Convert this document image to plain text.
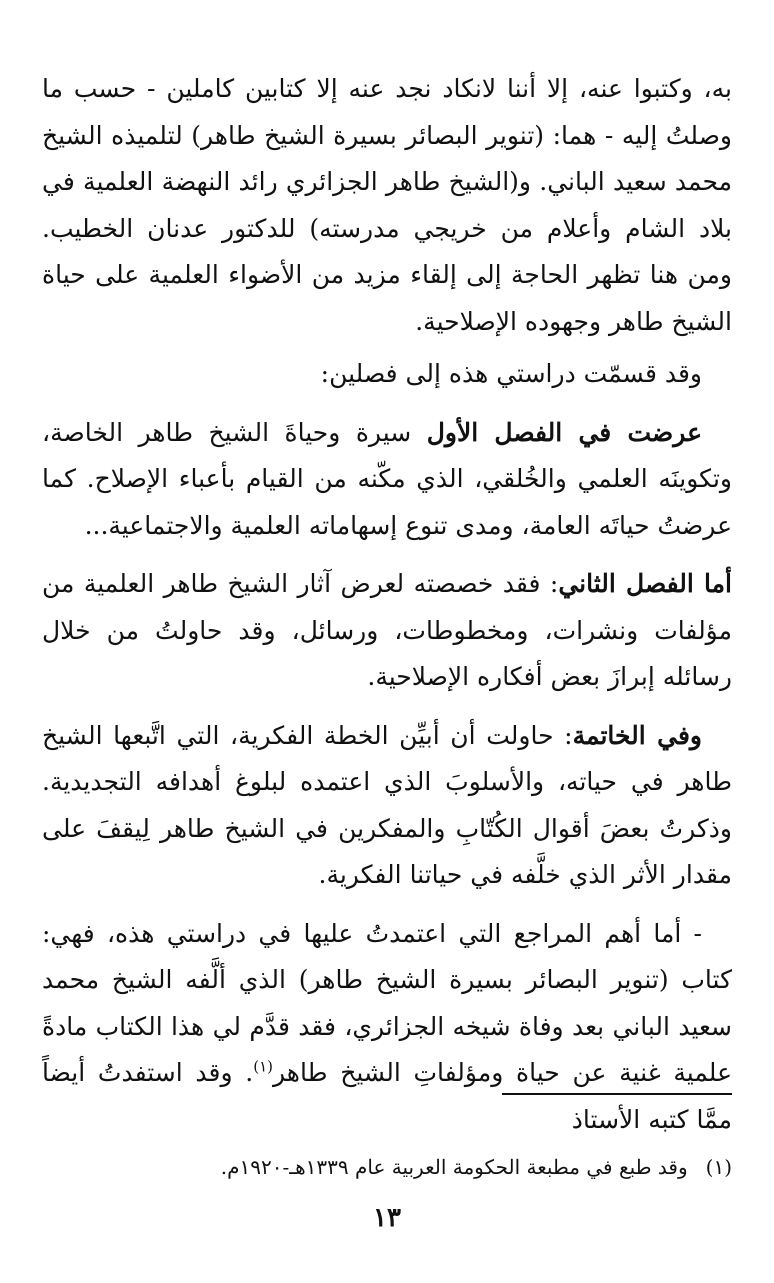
به، وكتبوا عنه، إلا أننا لانكاد نجد عنه إلا كتابين كاملين - حسب ما وصلتُ إليه - هما: (تنوير البصائر بسيرة الشيخ طاهر) لتلميذه الشيخ محمد سعيد الباني. و(الشيخ طاهر الجزائري رائد النهضة العلمية في بلاد الشام وأعلام من خريجي مدرسته) للدكتور عدنان الخطيب. ومن هنا تظهر الحاجة إلى إلقاء مزيد من الأضواء العلمية على حياة الشيخ طاهر وجهوده الإصلاحية.

وقد قسمّت دراستي هذه إلى فصلين:

عرضت في الفصل الأول سيرة وحياةَ الشيخ طاهر الخاصة، وتكوينَه العلمي والخُلقي، الذي مكّنه من القيام بأعباء الإصلاح. كما عرضتُ حياتَه العامة، ومدى تنوع إسهاماته العلمية والاجتماعية...

أما الفصل الثاني: فقد خصصته لعرض آثار الشيخ طاهر العلمية من مؤلفات ونشرات، ومخطوطات، ورسائل، وقد حاولتُ من خلال رسائله إبرازَ بعض أفكاره الإصلاحية.

وفي الخاتمة: حاولت أن أبيِّن الخطة الفكرية، التي اتَّبعها الشيخ طاهر في حياته، والأسلوبَ الذي اعتمده لبلوغ أهدافه التجديدية. وذكرتُ بعضَ أقوال الكُتّابِ والمفكرين في الشيخ طاهر لِيقفَ على مقدار الأثر الذي خلَّفه في حياتنا الفكرية.

- أما أهم المراجع التي اعتمدتُ عليها في دراستي هذه، فهي: كتاب (تنوير البصائر بسيرة الشيخ طاهر) الذي ألَّفه الشيخ محمد سعيد الباني بعد وفاة شيخه الجزائري، فقد قدَّم لي هذا الكتاب مادةً علمية غنية عن حياة ومؤلفاتِ الشيخ طاهر$^{(١)}$. وقد استفدتُ أيضاً ممَّا كتبه الأستاذ

(١)وقد طبع في مطبعة الحكومة العربية عام ١٣٣٩هـ-١٩٢٠م.
١٣
